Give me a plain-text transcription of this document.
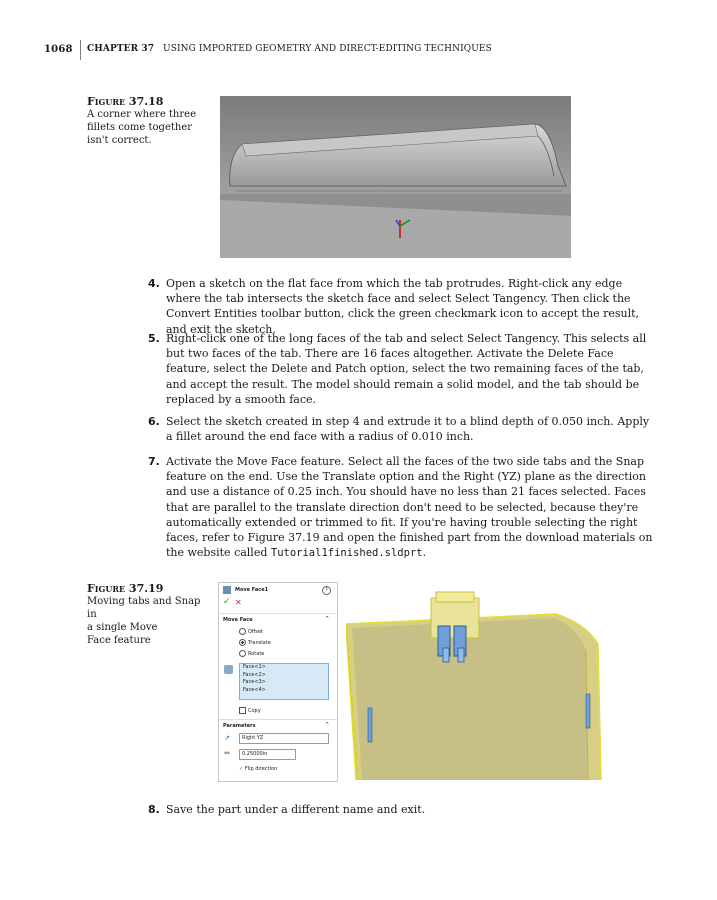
1068 CHAPTER 37 USING IMPORTED GEOMETRY AND DIRECT-EDITING TECHNIQUES
Figure 37.18
A corner where three
fillets come together
isn't correct.
4. Open a sketch on the flat face from which the tab protrudes. Right-click any edge where the tab intersects the sketch face and select Select Tangency. Then click the Convert Entities toolbar button, click the green checkmark icon to accept the result, and exit the sketch.
5. Right-click one of the long faces of the tab and select Select Tangency. This selects all but two faces of the tab. There are 16 faces altogether. Activate the Delete Face feature, select the Delete and Patch option, select the two remaining faces of the tab, and accept the result. The model should remain a solid model, and the tab should be replaced by a smooth face.
6. Select the sketch created in step 4 and extrude it to a blind depth of 0.050 inch. Apply a fillet around the end face with a radius of 0.010 inch.
7. Activate the Move Face feature. Select all the faces of the two side tabs and the Snap feature on the end. Use the Translate option and the Right (YZ) plane as the direction and use a distance of 0.25 inch. You should have no less than 21 faces selected. Faces that are parallel to the translate direction don't need to be selected, because they're automatically extended or trimmed to fit. If you're having trouble selecting the right faces, refer to Figure 37.19 and open the finished part from the download materials on the website called Tutorial1finished.sldprt.
8. Save the part under a different name and exit.
Figure 37.19
Moving tabs and Snap in
a single Move
Face feature
Move Face1	?
✓ ✕
Move Face	^
Offset
Translate
Rotate
Face<1>
Face<2>
Face<3>
Face<4>
Copy
Parameters	^
↗	Right YZ
⇔	0.25000in
✓ Flip direction
